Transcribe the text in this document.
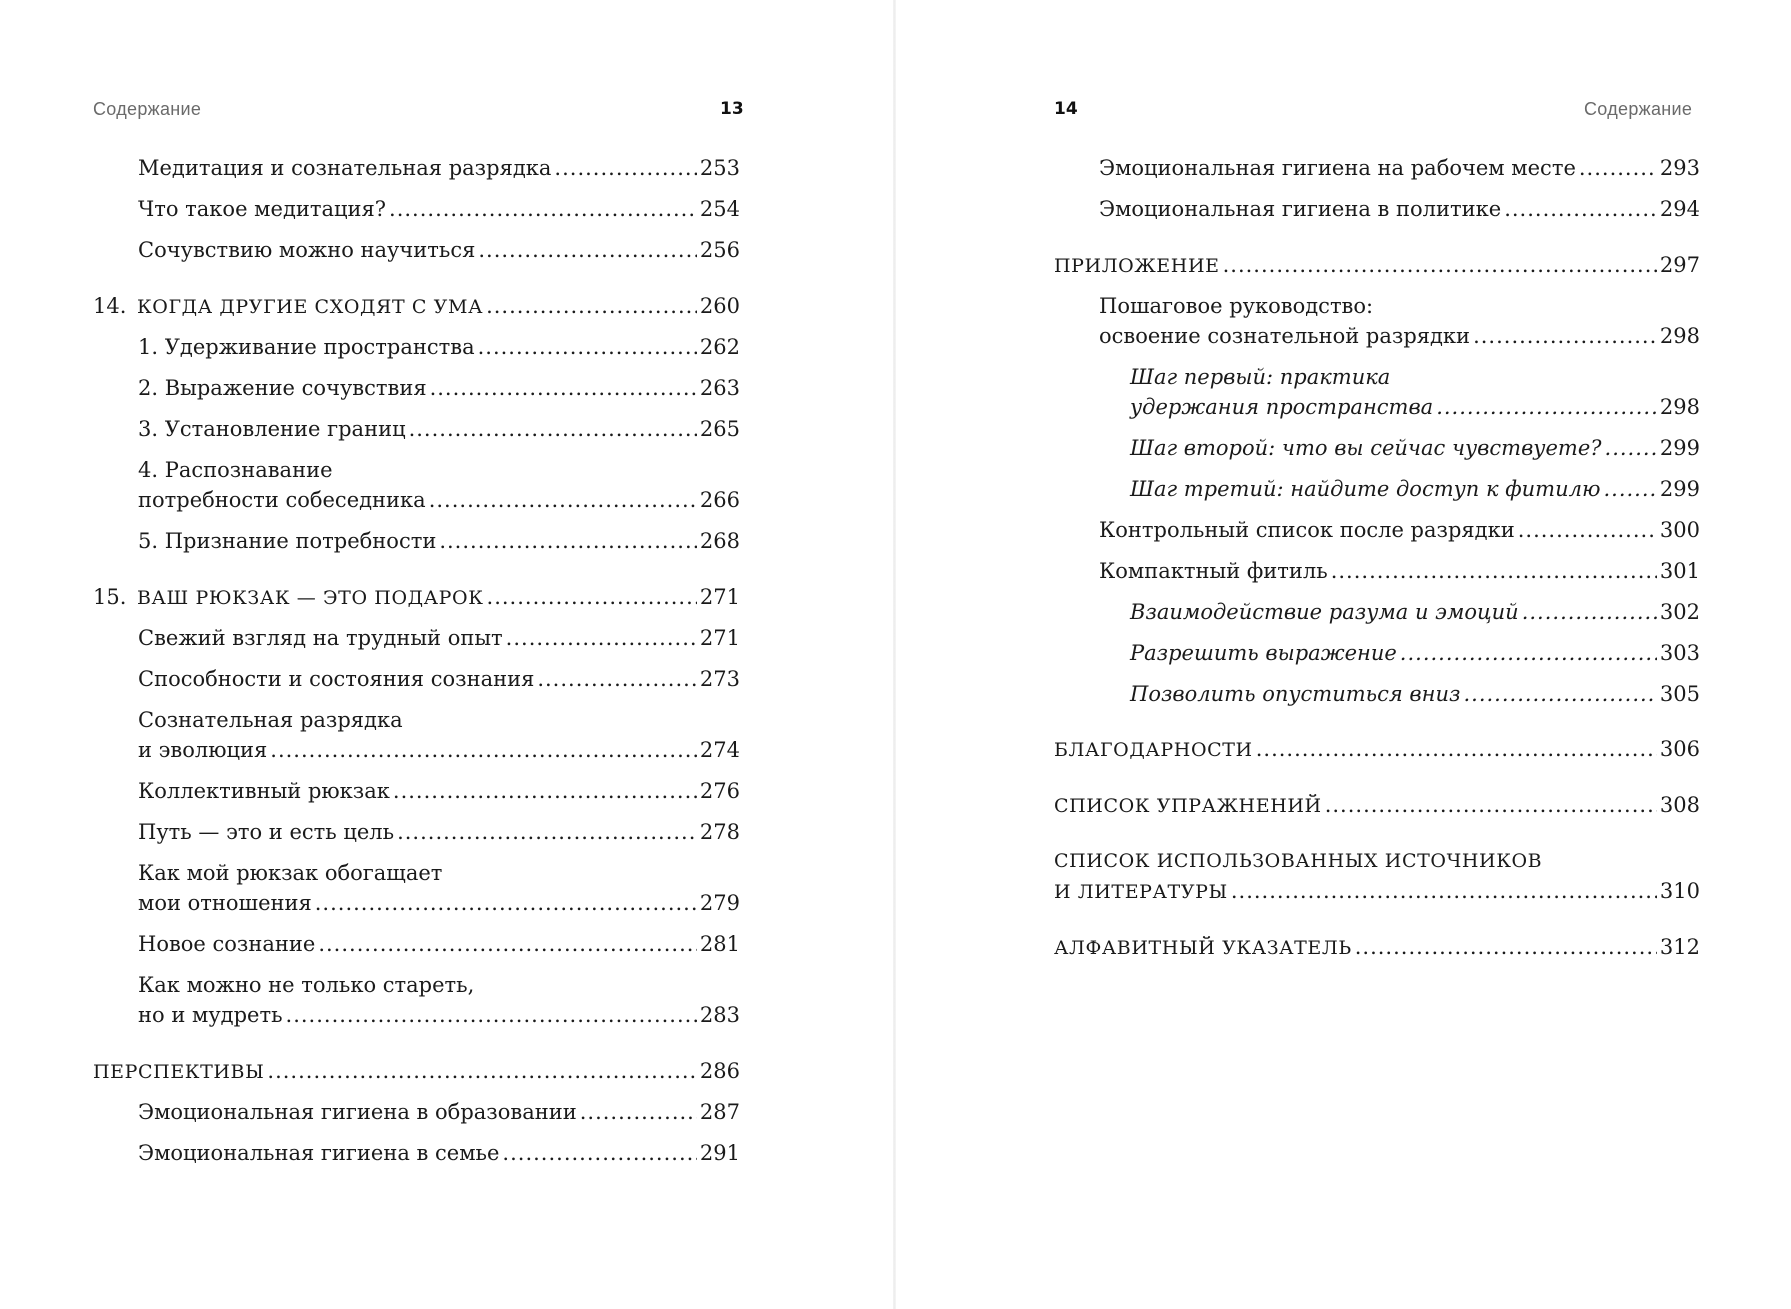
Содержание	13
Медитация и сознательная разрядка .....	253
Что такое медитация? .....	254
Сочувствию можно научиться .....	256
14. КОГДА ДРУГИЕ СХОДЯТ С УМА .....	260
1. Удерживание пространства .....	262
2. Выражение сочувствия .....	263
3. Установление границ .....	265
4. Распознавание
потребности собеседника .....	266
5. Признание потребности .....	268
15. ВАШ РЮКЗАК — ЭТО ПОДАРОК .....	271
Свежий взгляд на трудный опыт .....	271
Способности и состояния сознания .....	273
Сознательная разрядка
и эволюция .....	274
Коллективный рюкзак .....	276
Путь — это и есть цель .....	278
Как мой рюкзак обогащает
мои отношения .....	279
Новое сознание .....	281
Как можно не только стареть,
но и мудреть .....	283
ПЕРСПЕКТИВЫ .....	286
Эмоциональная гигиена в образовании .....	287
Эмоциональная гигиена в семье .....	291
14	Содержание
Эмоциональная гигиена на рабочем месте .....	293
Эмоциональная гигиена в политике .....	294
ПРИЛОЖЕНИЕ .....	297
Пошаговое руководство:
освоение сознательной разрядки .....	298
Шаг первый: практика
удержания пространства .....	298
Шаг второй: что вы сейчас чувствуете? .....	299
Шаг третий: найдите доступ к фитилю .....	299
Контрольный список после разрядки .....	300
Компактный фитиль .....	301
Взаимодействие разума и эмоций .....	302
Разрешить выражение .....	303
Позволить опуститься вниз .....	305
БЛАГОДАРНОСТИ .....	306
СПИСОК УПРАЖНЕНИЙ .....	308
СПИСОК ИСПОЛЬЗОВАННЫХ ИСТОЧНИКОВ
И ЛИТЕРАТУРЫ .....	310
АЛФАВИТНЫЙ УКАЗАТЕЛЬ .....	312
